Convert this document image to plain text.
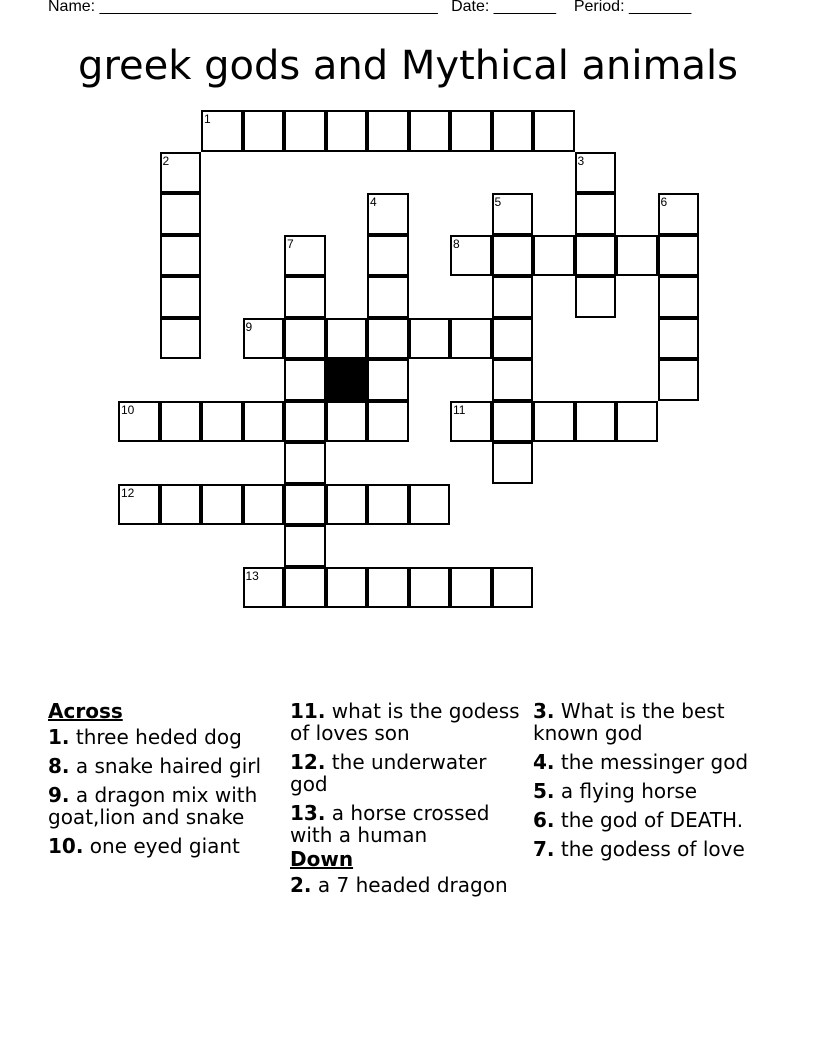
Name: ______________________________________ Date: _______ Period: _______
greek gods and Mythical animals
1
2	3
4	5	6
7	8
9
10	11
12
13
Across
1. three heded dog
8. a snake haired girl
9. a dragon mix with goat,lion and snake
10. one eyed giant
11. what is the godess of loves son
12. the underwater god
13. a horse crossed with a human
Down
2. a 7 headed dragon
3. What is the best known god
4. the messinger god
5. a flying horse
6. the god of DEATH.
7. the godess of love
